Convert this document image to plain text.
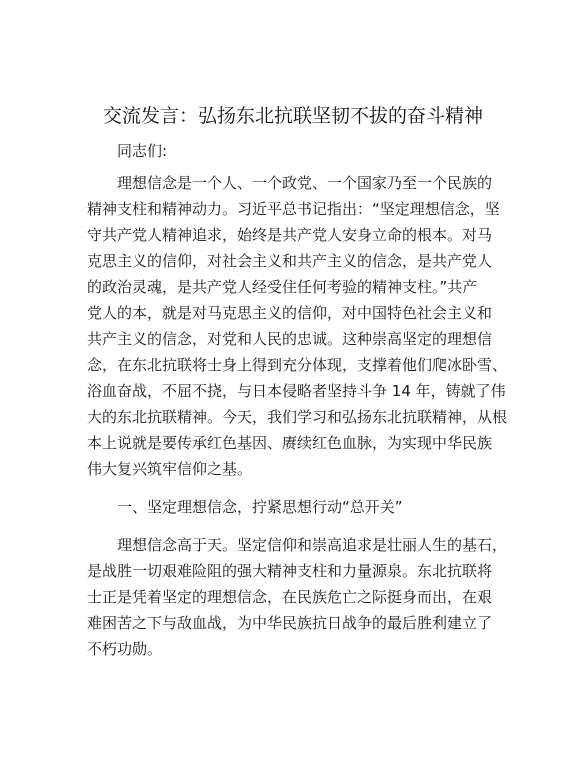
交流发言：弘扬东北抗联坚韧不拔的奋斗精神
同志们:
理想信念是一个人、一个政党、一个国家乃至一个民族的
精神支柱和精神动力。习近平总书记指出：“坚定理想信念，坚
守共产党人精神追求，始终是共产党人安身立命的根本。对马
克思主义的信仰，对社会主义和共产主义的信念，是共产党人
的政治灵魂，是共产党人经受住任何考验的精神支柱。”共产
党人的本，就是对马克思主义的信仰，对中国特色社会主义和
共产主义的信念，对党和人民的忠诚。这种崇高坚定的理想信
念，在东北抗联将士身上得到充分体现，支撑着他们爬冰卧雪、
浴血奋战，不屈不挠，与日本侵略者坚持斗争 14 年，铸就了伟
大的东北抗联精神。今天，我们学习和弘扬东北抗联精神，从根
本上说就是要传承红色基因、赓续红色血脉，为实现中华民族
伟大复兴筑牢信仰之基。
一、坚定理想信念，拧紧思想行动“总开关”
理想信念高于天。坚定信仰和崇高追求是壮丽人生的基石，
是战胜一切艰难险阻的强大精神支柱和力量源泉。东北抗联将
士正是凭着坚定的理想信念，在民族危亡之际挺身而出，在艰
难困苦之下与敌血战，为中华民族抗日战争的最后胜利建立了
不朽功勋。
